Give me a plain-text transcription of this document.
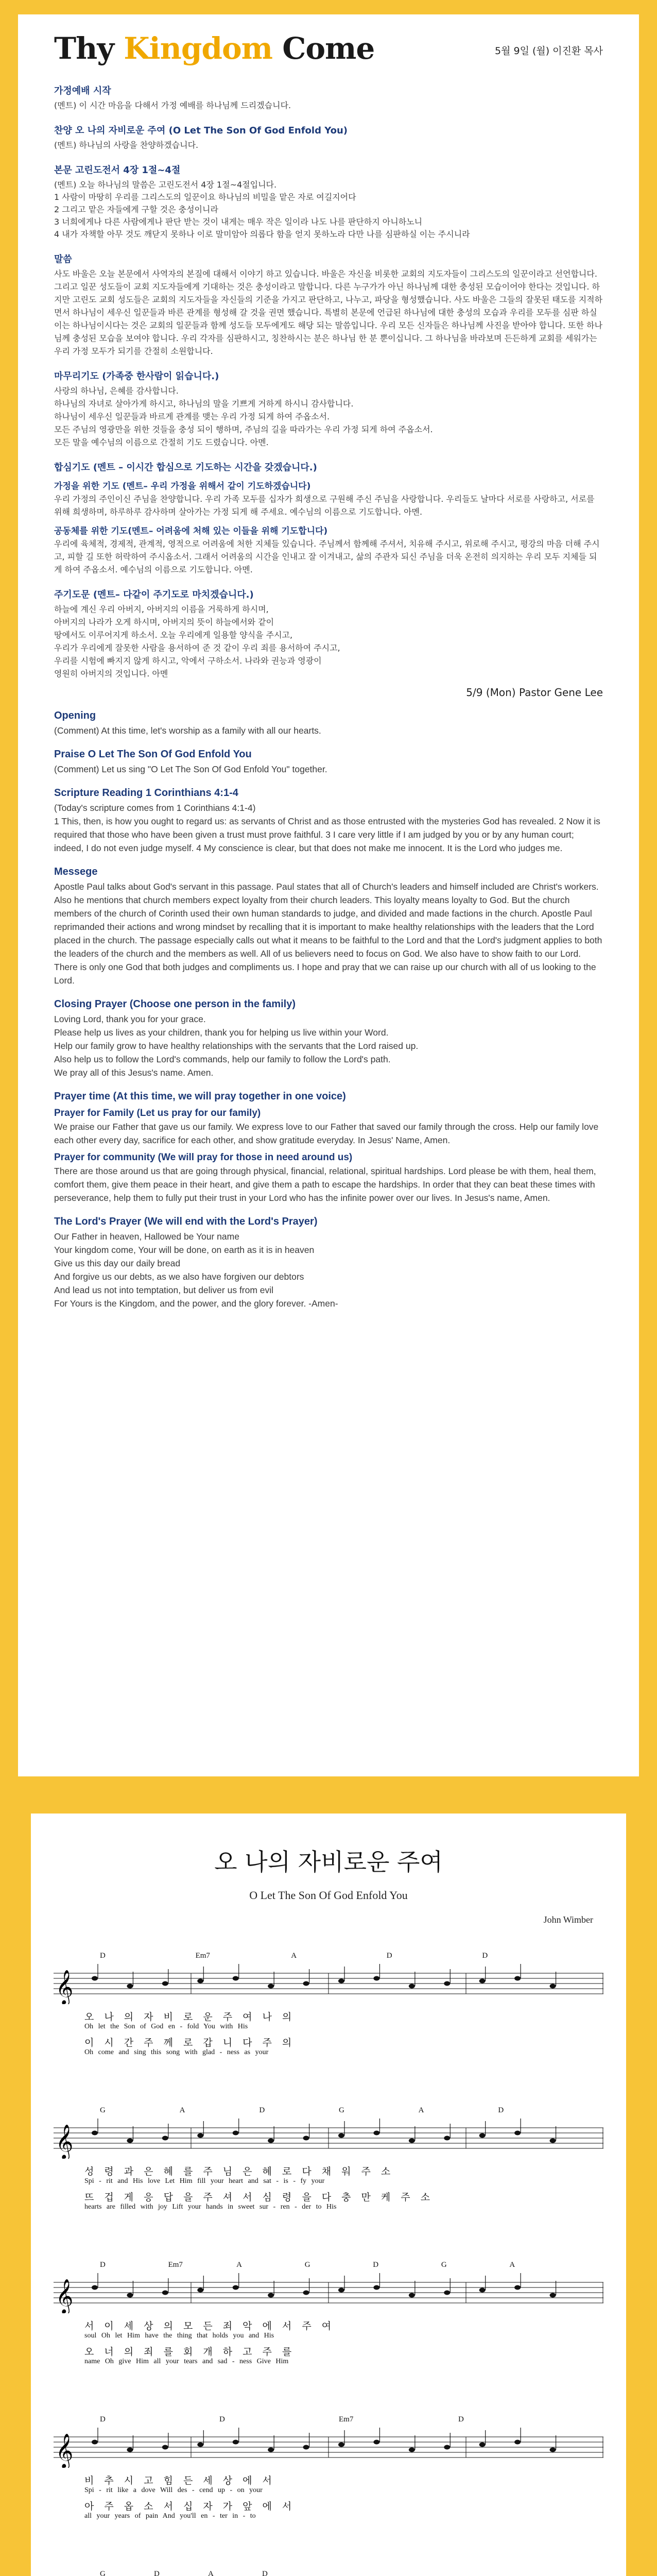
Thy Kingdom Come	5월 9일 (월) 이진환 목사
가정예배 시작

(멘트) 이 시간 마음을 다해서 가정 예배를 하나님께 드리겠습니다.

찬양 오 나의 자비로운 주여 (O Let The Son Of God Enfold You)

(멘트) 하나님의 사랑을 찬양하겠습니다.

본문 고린도전서 4장 1절~4절

(멘트) 오늘 하나님의 말씀은 고린도전서 4장 1절~4절입니다.

1 사람이 마땅히 우리를 그리스도의 일꾼이요 하나님의 비밀을 맡은 자로 여길지어다
2 그리고 맡은 자들에게 구할 것은 충성이니라
3 너희에게나 다른 사람에게나 판단 받는 것이 내게는 매우 작은 일이라 나도 나를 판단하지 아니하노니
4 내가 자책할 아무 것도 깨닫지 못하나 이로 말미암아 의롭다 함을 얻지 못하노라 다만 나를 심판하실 이는 주시니라
말씀

사도 바울은 오늘 본문에서 사역자의 본질에 대해서 이야기 하고 있습니다. 바울은 자신을 비롯한 교회의 지도자들이 그리스도의 일꾼이라고 선언합니다. 그리고 일꾼 성도들이 교회 지도자들에게 기대하는 것은 충성이라고 말합니다. 다른 누구가가 아닌 하나님께 대한 충성된 모습이어야 한다는 것입니다. 하지만 고린도 교회 성도들은 교회의 지도자들을 자신들의 기준을 가지고 판단하고, 나누고, 파당을 형성했습니다. 사도 바울은 그들의 잘못된 태도를 지적하면서 하나님이 세우신 일꾼들과 바른 관계를 형성해 갈 것을 권면 했습니다. 특별히 본문에 언급된 하나님에 대한 충성의 모습과 우리를 모두를 심판 하실 이는 하나님이시다는 것은 교회의 일꾼들과 함께 성도들 모두에게도 해당 되는 말씀입니다. 우리 모든 신자들은 하나님께 사진을 받아야 합니다. 또한 하나님께 충성된 모습을 보여야 합니다. 우리 각자를 심판하시고, 칭찬하시는 분은 하나님 한 분 뿐이십니다. 그 하나님을 바라보며 든든하게 교회를 세워가는 우리 가정 모두가 되기를 간절히 소원합니다.

마무리기도 (가족중 한사람이 읽습니다.)

사랑의 하나님, 은혜를 감사합니다.

하나님의 자녀로 살아가게 하시고, 하나님의 말을 기쁘게 거하게 하시니 감사합니다.

하나님이 세우신 일꾼들과 바르게 관계를 맺는 우리 가정 되게 하여 주옵소서.

모든 주님의 영광만을 위한 것들을 충성 되이 행하며, 주님의 길을 따라가는 우리 가정 되게 하여 주옵소서.

모든 말을 예수님의 이름으로 간절히 기도 드렸습니다. 아멘.

합심기도 (멘트 – 이시간 합심으로 기도하는 시간을 갖겠습니다.)
가정을 위한 기도 (멘트– 우리 가정을 위해서 같이 기도하겠습니다)

우리 가정의 주인이신 주님을 찬양합니다. 우리 가족 모두를 십자가 희생으로 구원해 주신 주님을 사랑합니다. 우리들도 날마다 서로를 사랑하고, 서로를 위해 희생하며, 하루하루 감사하며 살아가는 가정 되게 해 주세요. 예수님의 이름으로 기도합니다. 아멘.

공동체를 위한 기도(멘트– 어려움에 처해 있는 이들을 위해 기도합니다)

우리에 육체적, 경제적, 관계적, 영적으로 어려움에 처한 지체들 있습니다. 주님께서 함께해 주셔서, 치유해 주시고, 위로해 주시고, 평강의 마음 더해 주시고, 피할 길 또한 허락하여 주시옵소서. 그래서 어려움의 시간을 인내고 잘 이겨내고, 삶의 주관자 되신 주님을 더욱 온전히 의지하는 우리 모두 지체들 되게 하여 주옵소서. 예수님의 이름으로 기도합니다. 아멘.

주기도문 (멘트– 다같이 주기도로 마치겠습니다.)

하늘에 계신 우리 아버지, 아버지의 이름을 거룩하게 하시며,

아버지의 나라가 오게 하시며, 아버지의 뜻이 하늘에서와 같이

땅에서도 이루어지게 하소서. 오늘 우리에게 일용할 양식을 주시고,

우리가 우리에게 잘못한 사람을 용서하여 준 것 같이 우리 죄를 용서하여 주시고,

우리를 시험에 빠지지 않게 하시고, 악에서 구하소서. 나라와 권능과 영광이

영원히 아버지의 것입니다. 아멘

5/9 (Mon) Pastor Gene Lee
Opening

(Comment) At this time, let's worship as a family with all our hearts.

Praise O Let The Son Of God Enfold You

(Comment) Let us sing "O Let The Son Of God Enfold You" together.

Scripture Reading 1 Corinthians 4:1-4

(Today's scripture comes from 1 Corinthians 4:1-4)

1 This, then, is how you ought to regard us: as servants of Christ and as those entrusted with the mysteries God has revealed. 2 Now it is required that those who have been given a trust must prove faithful. 3 I care very little if I am judged by you or by any human court; indeed, I do not even judge myself. 4 My conscience is clear, but that does not make me innocent. It is the Lord who judges me.

Messege

Apostle Paul talks about God's servant in this passage. Paul states that all of Church's leaders and himself included are Christ's workers. Also he mentions that church members expect loyalty from their church leaders. This loyalty means loyalty to God. But the church members of the church of Corinth used their own human standards to judge, and divided and made factions in the church. Apostle Paul reprimanded their actions and wrong mindset by recalling that it is important to make healthy relationships with the leaders that the Lord placed in the church. The passage especially calls out what it means to be faithful to the Lord and that the Lord's judgment applies to both the leaders of the church and the members as well. All of us believers need to focus on God. We also have to show faith to our Lord. There is only one God that both judges and compliments us. I hope and pray that we can raise up our church with all of us looking to the Lord.

Closing Prayer (Choose one person in the family)

Loving Lord, thank you for your grace.

Please help us lives as your children, thank you for helping us live within your Word.

Help our family grow to have healthy relationships with the servants that the Lord raised up.

Also help us to follow the Lord's commands, help our family to follow the Lord's path.

We pray all of this Jesus's name. Amen.

Prayer time (At this time, we will pray together in one voice)
Prayer for Family (Let us pray for our family)

We praise our Father that gave us our family. We express love to our Father that saved our family through the cross. Help our family love each other every day, sacrifice for each other, and show gratitude everyday. In Jesus' Name, Amen.

Prayer for community (We will pray for those in need around us)

There are those around us that are going through physical, financial, relational, spiritual hardships. Lord please be with them, heal them, comfort them, give them peace in their heart, and give them a path to escape the hardships. In order that they can beat these times with perseverance, help them to fully put their trust in your Lord who has the infinite power over our lives. In Jesus's name, Amen.

The Lord's Prayer (We will end with the Lord's Prayer)

Our Father in heaven, Hallowed be Your name

Your kingdom come, Your will be done, on earth as it is in heaven

Give us this day our daily bread

And forgive us our debts, as we also have forgiven our debtors

And lead us not into temptation, but deliver us from evil

For Yours is the Kingdom, and the power, and the glory forever. -Amen-

오 나의 자비로운 주여
O Let The Son Of God Enfold You
John Wimber
𝄞
D	Em7	A	D	D
오 나 의 자 비 로 운 주 여 나 의
Oh let the Son of God en - fold You with His
이 시 간 주 께 로 갑 니 다 주 의
Oh come and sing this song with glad - ness as your
𝄞
G	A	D	G	A	D
성 령 과 은 혜 를 주 님 은 혜 로 다 채 워 주 소
Spi - rit and His love Let Him fill your heart and sat - is - fy your
뜨 겁 게 응 답 을 주 셔 서 심 령 을 다 충 만 케 주 소
hearts are filled with joy Lift your hands in sweet sur - ren - der to His
𝄞
D	Em7	A	G	D	G	A
서 이 세 상 의 모 든 죄 악 에 서 주 여
soul Oh let Him have the thing that holds you and His
오 너 의 죄 를 회 개 하 고 주 를
name Oh give Him all your tears and sad - ness Give Him
𝄞
D	D	Em7	D
비 추 시 고 힘 든 세 상 에 서
Spi - rit like a dove Will des - cend up - on your
아 주 옵 소 서 십 자 가 앞 에 서
all your years of pain And you'll en - ter in - to
G	D	A	D
